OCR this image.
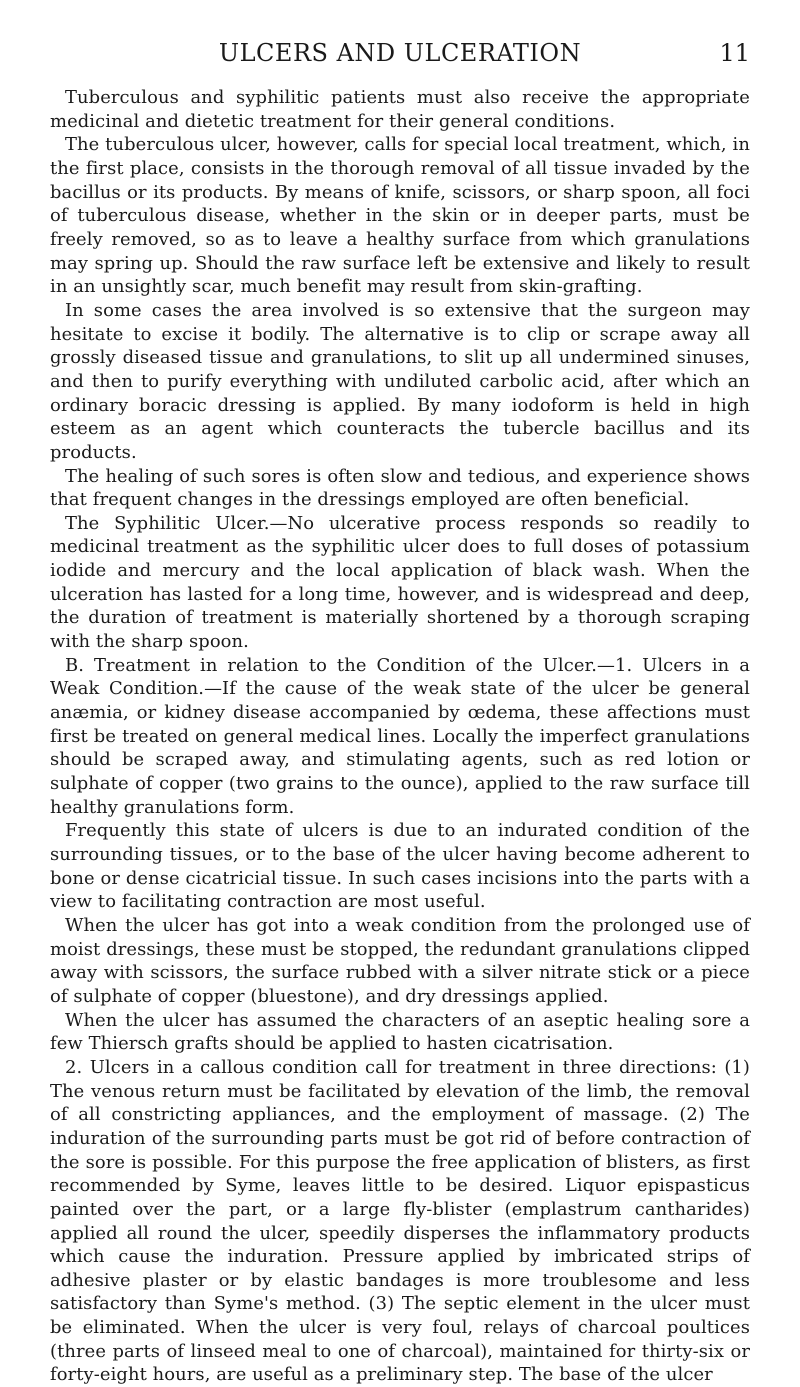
ULCERS AND ULCERATION	11

Tuberculous and syphilitic patients must also receive the appropriate medicinal and dietetic treatment for their general conditions.

The tuberculous ulcer, however, calls for special local treatment, which, in the first place, consists in the thorough removal of all tissue invaded by the bacillus or its products. By means of knife, scissors, or sharp spoon, all foci of tuberculous disease, whether in the skin or in deeper parts, must be freely removed, so as to leave a healthy surface from which granulations may spring up. Should the raw surface left be extensive and likely to result in an unsightly scar, much benefit may result from skin-grafting.

In some cases the area involved is so extensive that the surgeon may hesitate to excise it bodily. The alternative is to clip or scrape away all grossly diseased tissue and granulations, to slit up all undermined sinuses, and then to purify everything with undiluted carbolic acid, after which an ordinary boracic dressing is applied. By many iodoform is held in high esteem as an agent which counteracts the tubercle bacillus and its products.

The healing of such sores is often slow and tedious, and experience shows that frequent changes in the dressings employed are often beneficial.

The Syphilitic Ulcer.—No ulcerative process responds so readily to medicinal treatment as the syphilitic ulcer does to full doses of potassium iodide and mercury and the local application of black wash. When the ulceration has lasted for a long time, however, and is widespread and deep, the duration of treatment is materially shortened by a thorough scraping with the sharp spoon.

B. Treatment in relation to the Condition of the Ulcer.—1. Ulcers in a Weak Condition.—If the cause of the weak state of the ulcer be general anæmia, or kidney disease accompanied by œdema, these affections must first be treated on general medical lines. Locally the imperfect granulations should be scraped away, and stimulating agents, such as red lotion or sulphate of copper (two grains to the ounce), applied to the raw surface till healthy granulations form.

Frequently this state of ulcers is due to an indurated condition of the surrounding tissues, or to the base of the ulcer having become adherent to bone or dense cicatricial tissue. In such cases incisions into the parts with a view to facilitating contraction are most useful.

When the ulcer has got into a weak condition from the prolonged use of moist dressings, these must be stopped, the redundant granulations clipped away with scissors, the surface rubbed with a silver nitrate stick or a piece of sulphate of copper (bluestone), and dry dressings applied.

When the ulcer has assumed the characters of an aseptic healing sore a few Thiersch grafts should be applied to hasten cicatrisation.

2. Ulcers in a callous condition call for treatment in three directions: (1) The venous return must be facilitated by elevation of the limb, the removal of all constricting appliances, and the employment of massage. (2) The induration of the surrounding parts must be got rid of before contraction of the sore is possible. For this purpose the free application of blisters, as first recommended by Syme, leaves little to be desired. Liquor epispasticus painted over the part, or a large fly-blister (emplastrum cantharides) applied all round the ulcer, speedily disperses the inflammatory products which cause the induration. Pressure applied by imbricated strips of adhesive plaster or by elastic bandages is more troublesome and less satisfactory than Syme's method. (3) The septic element in the ulcer must be eliminated. When the ulcer is very foul, relays of charcoal poultices (three parts of linseed meal to one of charcoal), maintained for thirty-six or forty-eight hours, are useful as a preliminary step. The base of the ulcer
